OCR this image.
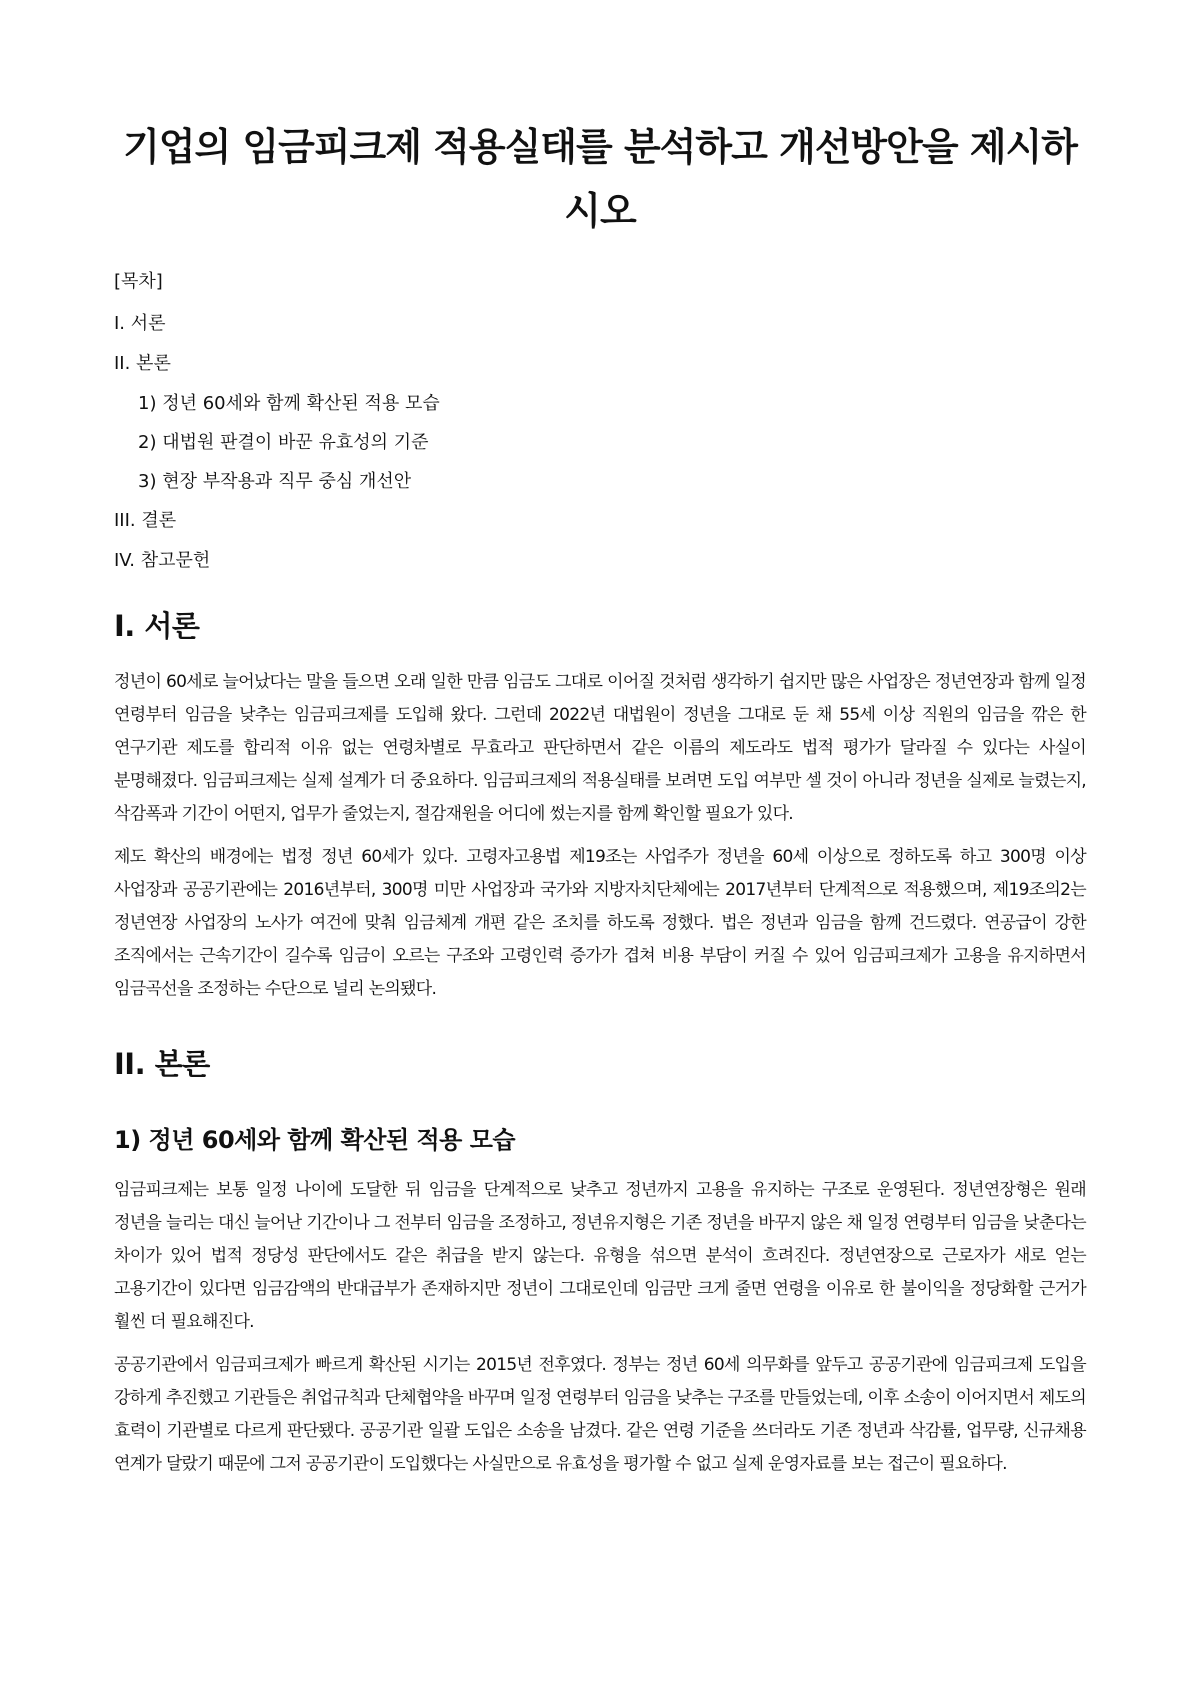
기업의 임금피크제 적용실태를 분석하고 개선방안을 제시하시오

[목차]

I. 서론

II. 본론

1) 정년 60세와 함께 확산된 적용 모습

2) 대법원 판결이 바꾼 유효성의 기준

3) 현장 부작용과 직무 중심 개선안

III. 결론

IV. 참고문헌

I. 서론

정년이 60세로 늘어났다는 말을 들으면 오래 일한 만큼 임금도 그대로 이어질 것처럼 생각하기 쉽지만 많은 사업장은 정년연장과 함께 일정 연령부터 임금을 낮추는 임금피크제를 도입해 왔다. 그런데 2022년 대법원이 정년을 그대로 둔 채 55세 이상 직원의 임금을 깎은 한 연구기관 제도를 합리적 이유 없는 연령차별로 무효라고 판단하면서 같은 이름의 제도라도 법적 평가가 달라질 수 있다는 사실이 분명해졌다. 임금피크제는 실제 설계가 더 중요하다. 임금피크제의 적용실태를 보려면 도입 여부만 셀 것이 아니라 정년을 실제로 늘렸는지, 삭감폭과 기간이 어떤지, 업무가 줄었는지, 절감재원을 어디에 썼는지를 함께 확인할 필요가 있다.

제도 확산의 배경에는 법정 정년 60세가 있다. 고령자고용법 제19조는 사업주가 정년을 60세 이상으로 정하도록 하고 300명 이상 사업장과 공공기관에는 2016년부터, 300명 미만 사업장과 국가와 지방자치단체에는 2017년부터 단계적으로 적용했으며, 제19조의2는 정년연장 사업장의 노사가 여건에 맞춰 임금체계 개편 같은 조치를 하도록 정했다. 법은 정년과 임금을 함께 건드렸다. 연공급이 강한 조직에서는 근속기간이 길수록 임금이 오르는 구조와 고령인력 증가가 겹쳐 비용 부담이 커질 수 있어 임금피크제가 고용을 유지하면서 임금곡선을 조정하는 수단으로 널리 논의됐다.

II. 본론
1) 정년 60세와 함께 확산된 적용 모습

임금피크제는 보통 일정 나이에 도달한 뒤 임금을 단계적으로 낮추고 정년까지 고용을 유지하는 구조로 운영된다. 정년연장형은 원래 정년을 늘리는 대신 늘어난 기간이나 그 전부터 임금을 조정하고, 정년유지형은 기존 정년을 바꾸지 않은 채 일정 연령부터 임금을 낮춘다는 차이가 있어 법적 정당성 판단에서도 같은 취급을 받지 않는다. 유형을 섞으면 분석이 흐려진다. 정년연장으로 근로자가 새로 얻는 고용기간이 있다면 임금감액의 반대급부가 존재하지만 정년이 그대로인데 임금만 크게 줄면 연령을 이유로 한 불이익을 정당화할 근거가 훨씬 더 필요해진다.

공공기관에서 임금피크제가 빠르게 확산된 시기는 2015년 전후였다. 정부는 정년 60세 의무화를 앞두고 공공기관에 임금피크제 도입을 강하게 추진했고 기관들은 취업규칙과 단체협약을 바꾸며 일정 연령부터 임금을 낮추는 구조를 만들었는데, 이후 소송이 이어지면서 제도의 효력이 기관별로 다르게 판단됐다. 공공기관 일괄 도입은 소송을 남겼다. 같은 연령 기준을 쓰더라도 기존 정년과 삭감률, 업무량, 신규채용 연계가 달랐기 때문에 그저 공공기관이 도입했다는 사실만으로 유효성을 평가할 수 없고 실제 운영자료를 보는 접근이 필요하다.
